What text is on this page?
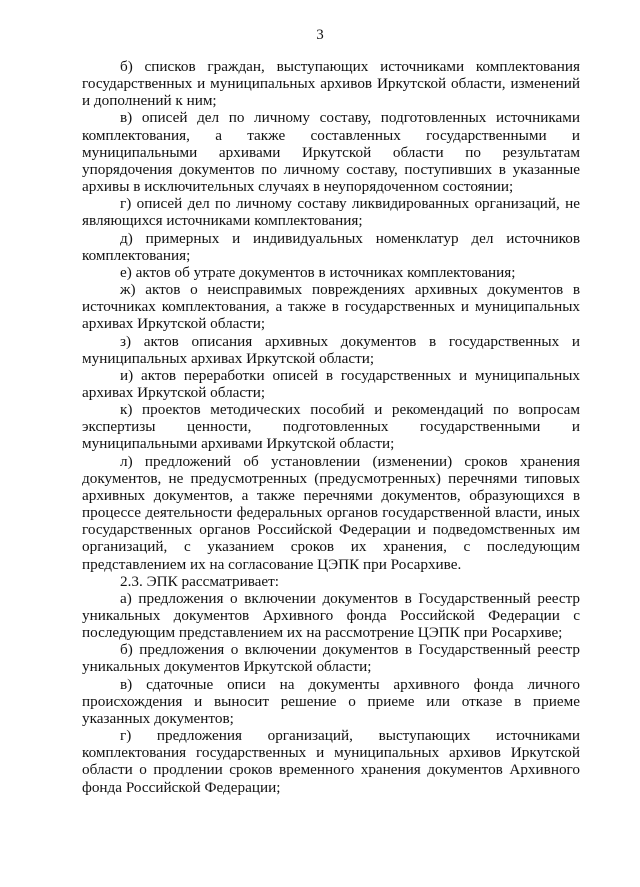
3

б) списков граждан, выступающих источниками комплектования государственных и муниципальных архивов Иркутской области, изменений и дополнений к ним;

в) описей дел по личному составу, подготовленных источниками комплектования, а также составленных государственными и муниципальными архивами Иркутской области по результатам упорядочения документов по личному составу, поступивших в указанные архивы в исключительных случаях в неупорядоченном состоянии;

г) описей дел по личному составу ликвидированных организаций, не являющихся источниками комплектования;

д) примерных и индивидуальных номенклатур дел источников комплектования;

е) актов об утрате документов в источниках комплектования;

ж) актов о неисправимых повреждениях архивных документов в источниках комплектования, а также в государственных и муниципальных архивах Иркутской области;

з) актов описания архивных документов в государственных и муниципальных архивах Иркутской области;

и) актов переработки описей в государственных и муниципальных архивах Иркутской области;

к) проектов методических пособий и рекомендаций по вопросам экспертизы ценности, подготовленных государственными и муниципальными архивами Иркутской области;

л) предложений об установлении (изменении) сроков хранения документов, не предусмотренных (предусмотренных) перечнями типовых архивных документов, а также перечнями документов, образующихся в процессе деятельности федеральных органов государственной власти, иных государственных органов Российской Федерации и подведомственных им организаций, с указанием сроков их хранения, с последующим представлением их на согласование ЦЭПК при Росархиве.

2.3. ЭПК рассматривает:

а) предложения о включении документов в Государственный реестр уникальных документов Архивного фонда Российской Федерации с последующим представлением их на рассмотрение ЦЭПК при Росархиве;

б) предложения о включении документов в Государственный реестр уникальных документов Иркутской области;

в) сдаточные описи на документы архивного фонда личного происхождения и выносит решение о приеме или отказе в приеме указанных документов;

г) предложения организаций, выступающих источниками комплектования государственных и муниципальных архивов Иркутской области о продлении сроков временного хранения документов Архивного фонда Российской Федерации;
